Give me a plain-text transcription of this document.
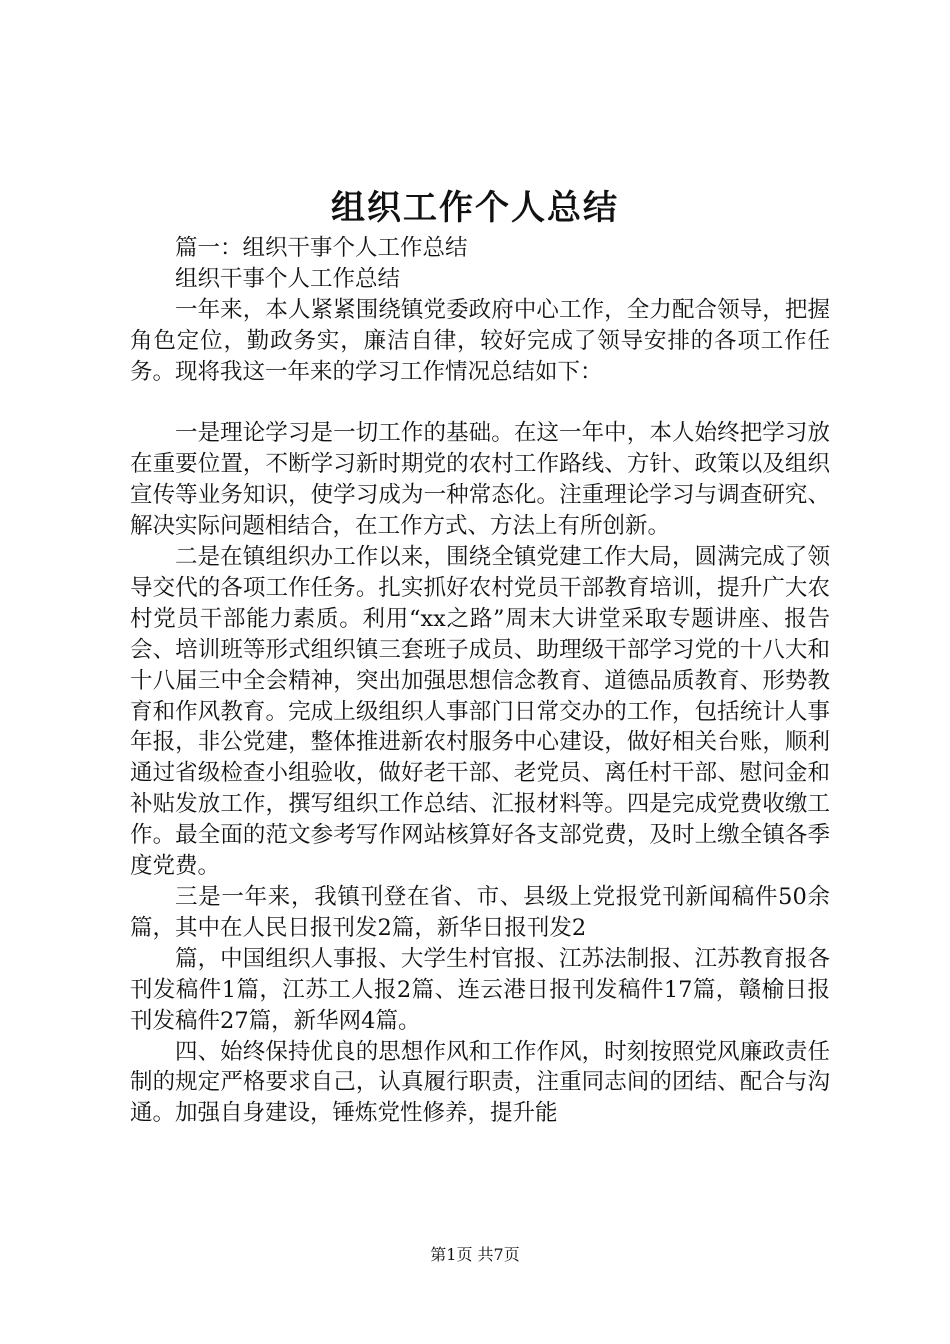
组织工作个人总结

篇一：组织干事个人工作总结

组织干事个人工作总结

一年来，本人紧紧围绕镇党委政府中心工作，全力配合领导，把握角色定位，勤政务实，廉洁自律，较好完成了领导安排的各项工作任务。现将我这一年来的学习工作情况总结如下：

一是理论学习是一切工作的基础。在这一年中，本人始终把学习放在重要位置，不断学习新时期党的农村工作路线、方针、政策以及组织宣传等业务知识，使学习成为一种常态化。注重理论学习与调查研究、解决实际问题相结合，在工作方式、方法上有所创新。

二是在镇组织办工作以来，围绕全镇党建工作大局，圆满完成了领导交代的各项工作任务。扎实抓好农村党员干部教育培训，提升广大农村党员干部能力素质。利用“xx之路”周末大讲堂采取专题讲座、报告会、培训班等形式组织镇三套班子成员、助理级干部学习党的十八大和十八届三中全会精神，突出加强思想信念教育、道德品质教育、形势教育和作风教育。完成上级组织人事部门日常交办的工作，包括统计人事年报，非公党建，整体推进新农村服务中心建设，做好相关台账，顺利通过省级检查小组验收，做好老干部、老党员、离任村干部、慰问金和补贴发放工作，撰写组织工作总结、汇报材料等。四是完成党费收缴工作。最全面的范文参考写作网站核算好各支部党费，及时上缴全镇各季度党费。

三是一年来，我镇刊登在省、市、县级上党报党刊新闻稿件50余篇，其中在人民日报刊发2篇，新华日报刊发2

篇，中国组织人事报、大学生村官报、江苏法制报、江苏教育报各刊发稿件1篇，江苏工人报2篇、连云港日报刊发稿件17篇，赣榆日报刊发稿件27篇，新华网4篇。

四、始终保持优良的思想作风和工作作风，时刻按照党风廉政责任制的规定严格要求自己，认真履行职责，注重同志间的团结、配合与沟通。加强自身建设，锤炼党性修养，提升能

第1页 共7页
